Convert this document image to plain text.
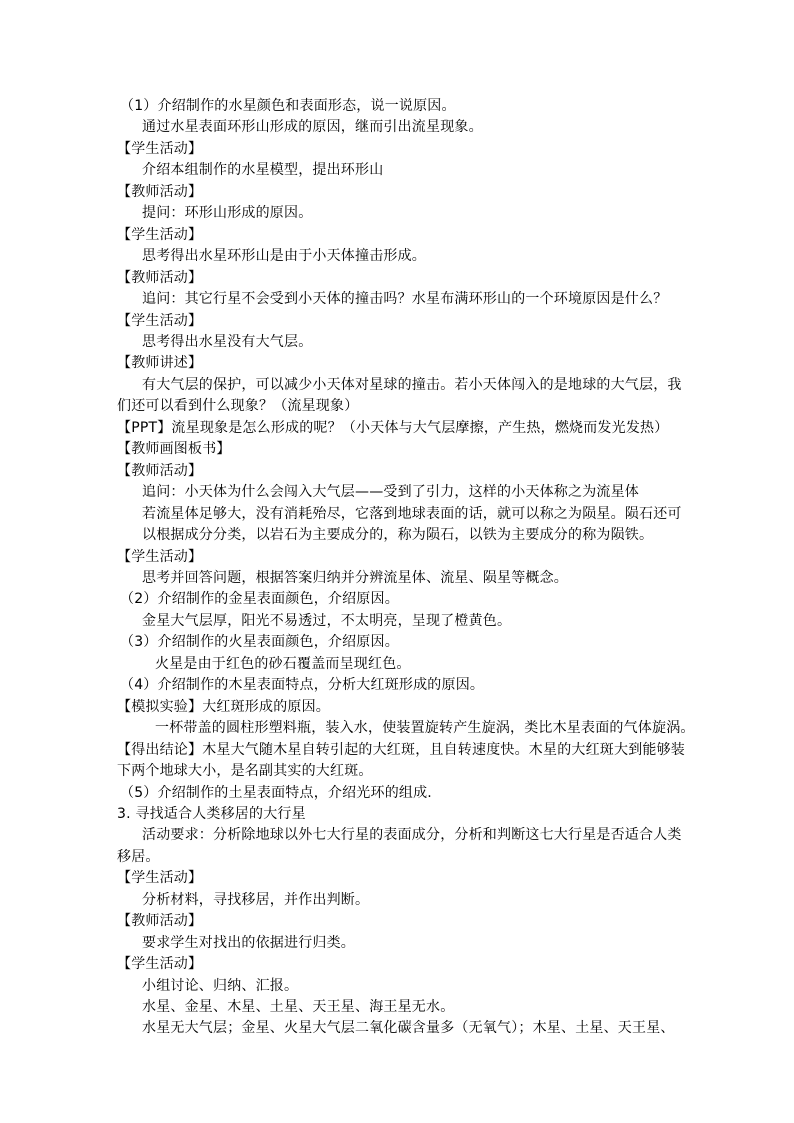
（1）介绍制作的水星颜色和表面形态，说一说原因。
通过水星表面环形山形成的原因，继而引出流星现象。
【学生活动】
介绍本组制作的水星模型，提出环形山
【教师活动】
提问：环形山形成的原因。
【学生活动】
思考得出水星环形山是由于小天体撞击形成。
【教师活动】
追问：其它行星不会受到小天体的撞击吗？水星布满环形山的一个环境原因是什么？
【学生活动】
思考得出水星没有大气层。
【教师讲述】
有大气层的保护，可以减少小天体对星球的撞击。若小天体闯入的是地球的大气层，我
们还可以看到什么现象？（流星现象）
【PPT】流星现象是怎么形成的呢？（小天体与大气层摩擦，产生热，燃烧而发光发热）
【教师画图板书】
【教师活动】
追问：小天体为什么会闯入大气层——受到了引力，这样的小天体称之为流星体
若流星体足够大，没有消耗殆尽，它落到地球表面的话，就可以称之为陨星。陨石还可
以根据成分分类，以岩石为主要成分的，称为陨石，以铁为主要成分的称为陨铁。
【学生活动】
思考并回答问题，根据答案归纳并分辨流星体、流星、陨星等概念。
（2）介绍制作的金星表面颜色，介绍原因。
金星大气层厚，阳光不易透过，不太明亮，呈现了橙黄色。
（3）介绍制作的火星表面颜色，介绍原因。
火星是由于红色的砂石覆盖而呈现红色。
（4）介绍制作的木星表面特点，分析大红斑形成的原因。
【模拟实验】大红斑形成的原因。
一杯带盖的圆柱形塑料瓶，装入水，使装置旋转产生旋涡，类比木星表面的气体旋涡。
【得出结论】木星大气随木星自转引起的大红斑，且自转速度快。木星的大红斑大到能够装
下两个地球大小，是名副其实的大红斑。
（5）介绍制作的土星表面特点，介绍光环的组成.
3. 寻找适合人类移居的大行星
活动要求：分析除地球以外七大行星的表面成分，分析和判断这七大行星是否适合人类
移居。
【学生活动】
分析材料，寻找移居，并作出判断。
【教师活动】
要求学生对找出的依据进行归类。
【学生活动】
小组讨论、归纳、汇报。
水星、金星、木星、土星、天王星、海王星无水。
水星无大气层；金星、火星大气层二氧化碳含量多（无氧气）；木星、土星、天王星、
